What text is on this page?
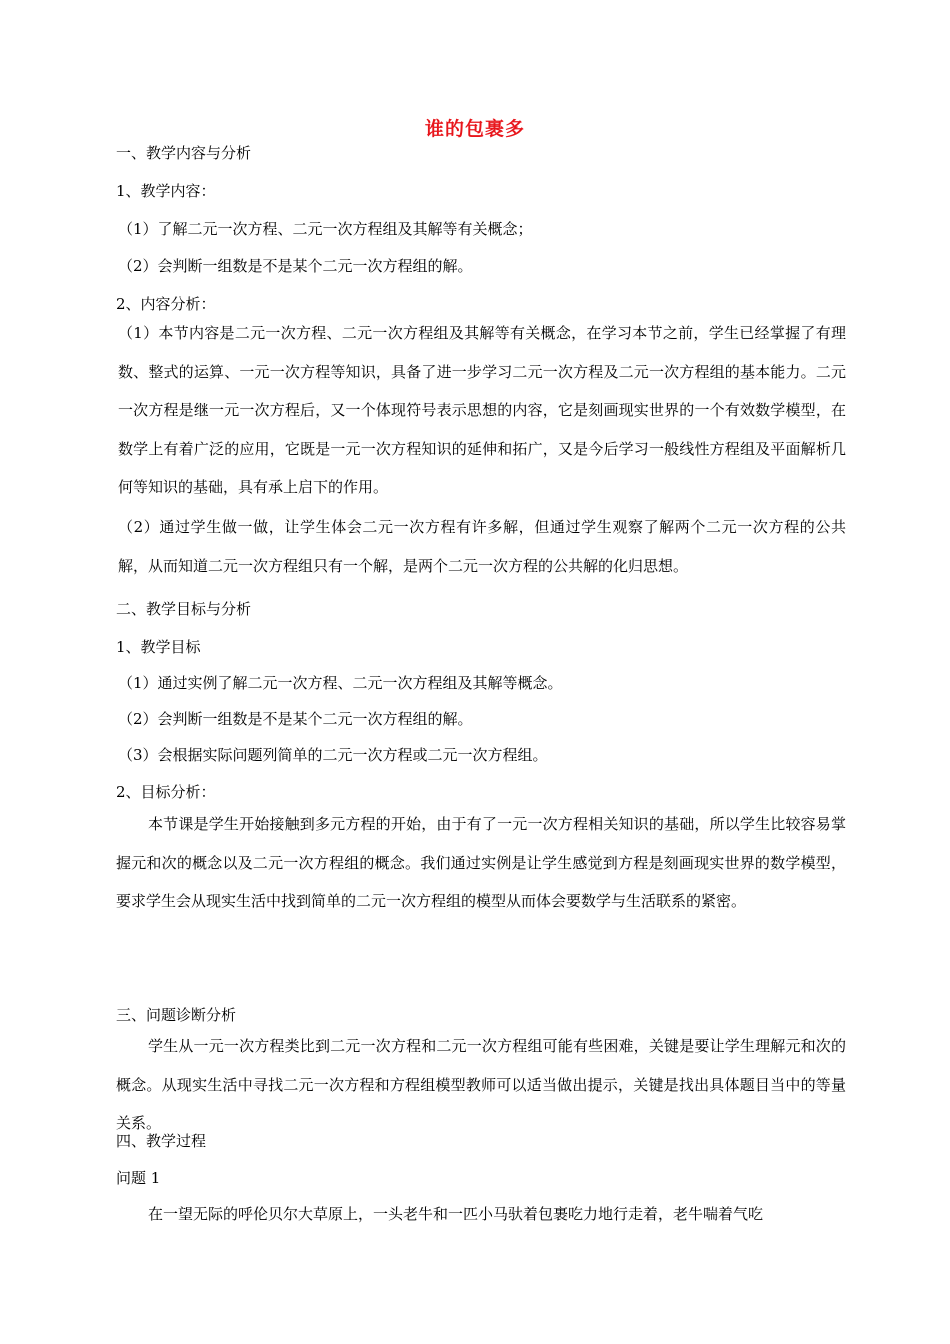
谁的包裹多
一、教学内容与分析
1、教学内容：
（1）了解二元一次方程、二元一次方程组及其解等有关概念；
（2）会判断一组数是不是某个二元一次方程组的解。
2、内容分析：
（1）本节内容是二元一次方程、二元一次方程组及其解等有关概念，在学习本节之前，学生已经掌握了有理数、整式的运算、一元一次方程等知识，具备了进一步学习二元一次方程及二元一次方程组的基本能力。二元一次方程是继一元一次方程后，又一个体现符号表示思想的内容，它是刻画现实世界的一个有效数学模型，在数学上有着广泛的应用，它既是一元一次方程知识的延伸和拓广，又是今后学习一般线性方程组及平面解析几何等知识的基础，具有承上启下的作用。
（2）通过学生做一做，让学生体会二元一次方程有许多解，但通过学生观察了解两个二元一次方程的公共解，从而知道二元一次方程组只有一个解，是两个二元一次方程的公共解的化归思想。
二、教学目标与分析
1、教学目标
（1）通过实例了解二元一次方程、二元一次方程组及其解等概念。
（2）会判断一组数是不是某个二元一次方程组的解。
（3）会根据实际问题列简单的二元一次方程或二元一次方程组。
2、目标分析：
本节课是学生开始接触到多元方程的开始，由于有了一元一次方程相关知识的基础，所以学生比较容易掌握元和次的概念以及二元一次方程组的概念。我们通过实例是让学生感觉到方程是刻画现实世界的数学模型，要求学生会从现实生活中找到简单的二元一次方程组的模型从而体会要数学与生活联系的紧密。
三、问题诊断分析
学生从一元一次方程类比到二元一次方程和二元一次方程组可能有些困难，关键是要让学生理解元和次的概念。从现实生活中寻找二元一次方程和方程组模型教师可以适当做出提示，关键是找出具体题目当中的等量关系。
四、教学过程
问题 1
在一望无际的呼伦贝尔大草原上，一头老牛和一匹小马驮着包裹吃力地行走着，老牛喘着气吃
